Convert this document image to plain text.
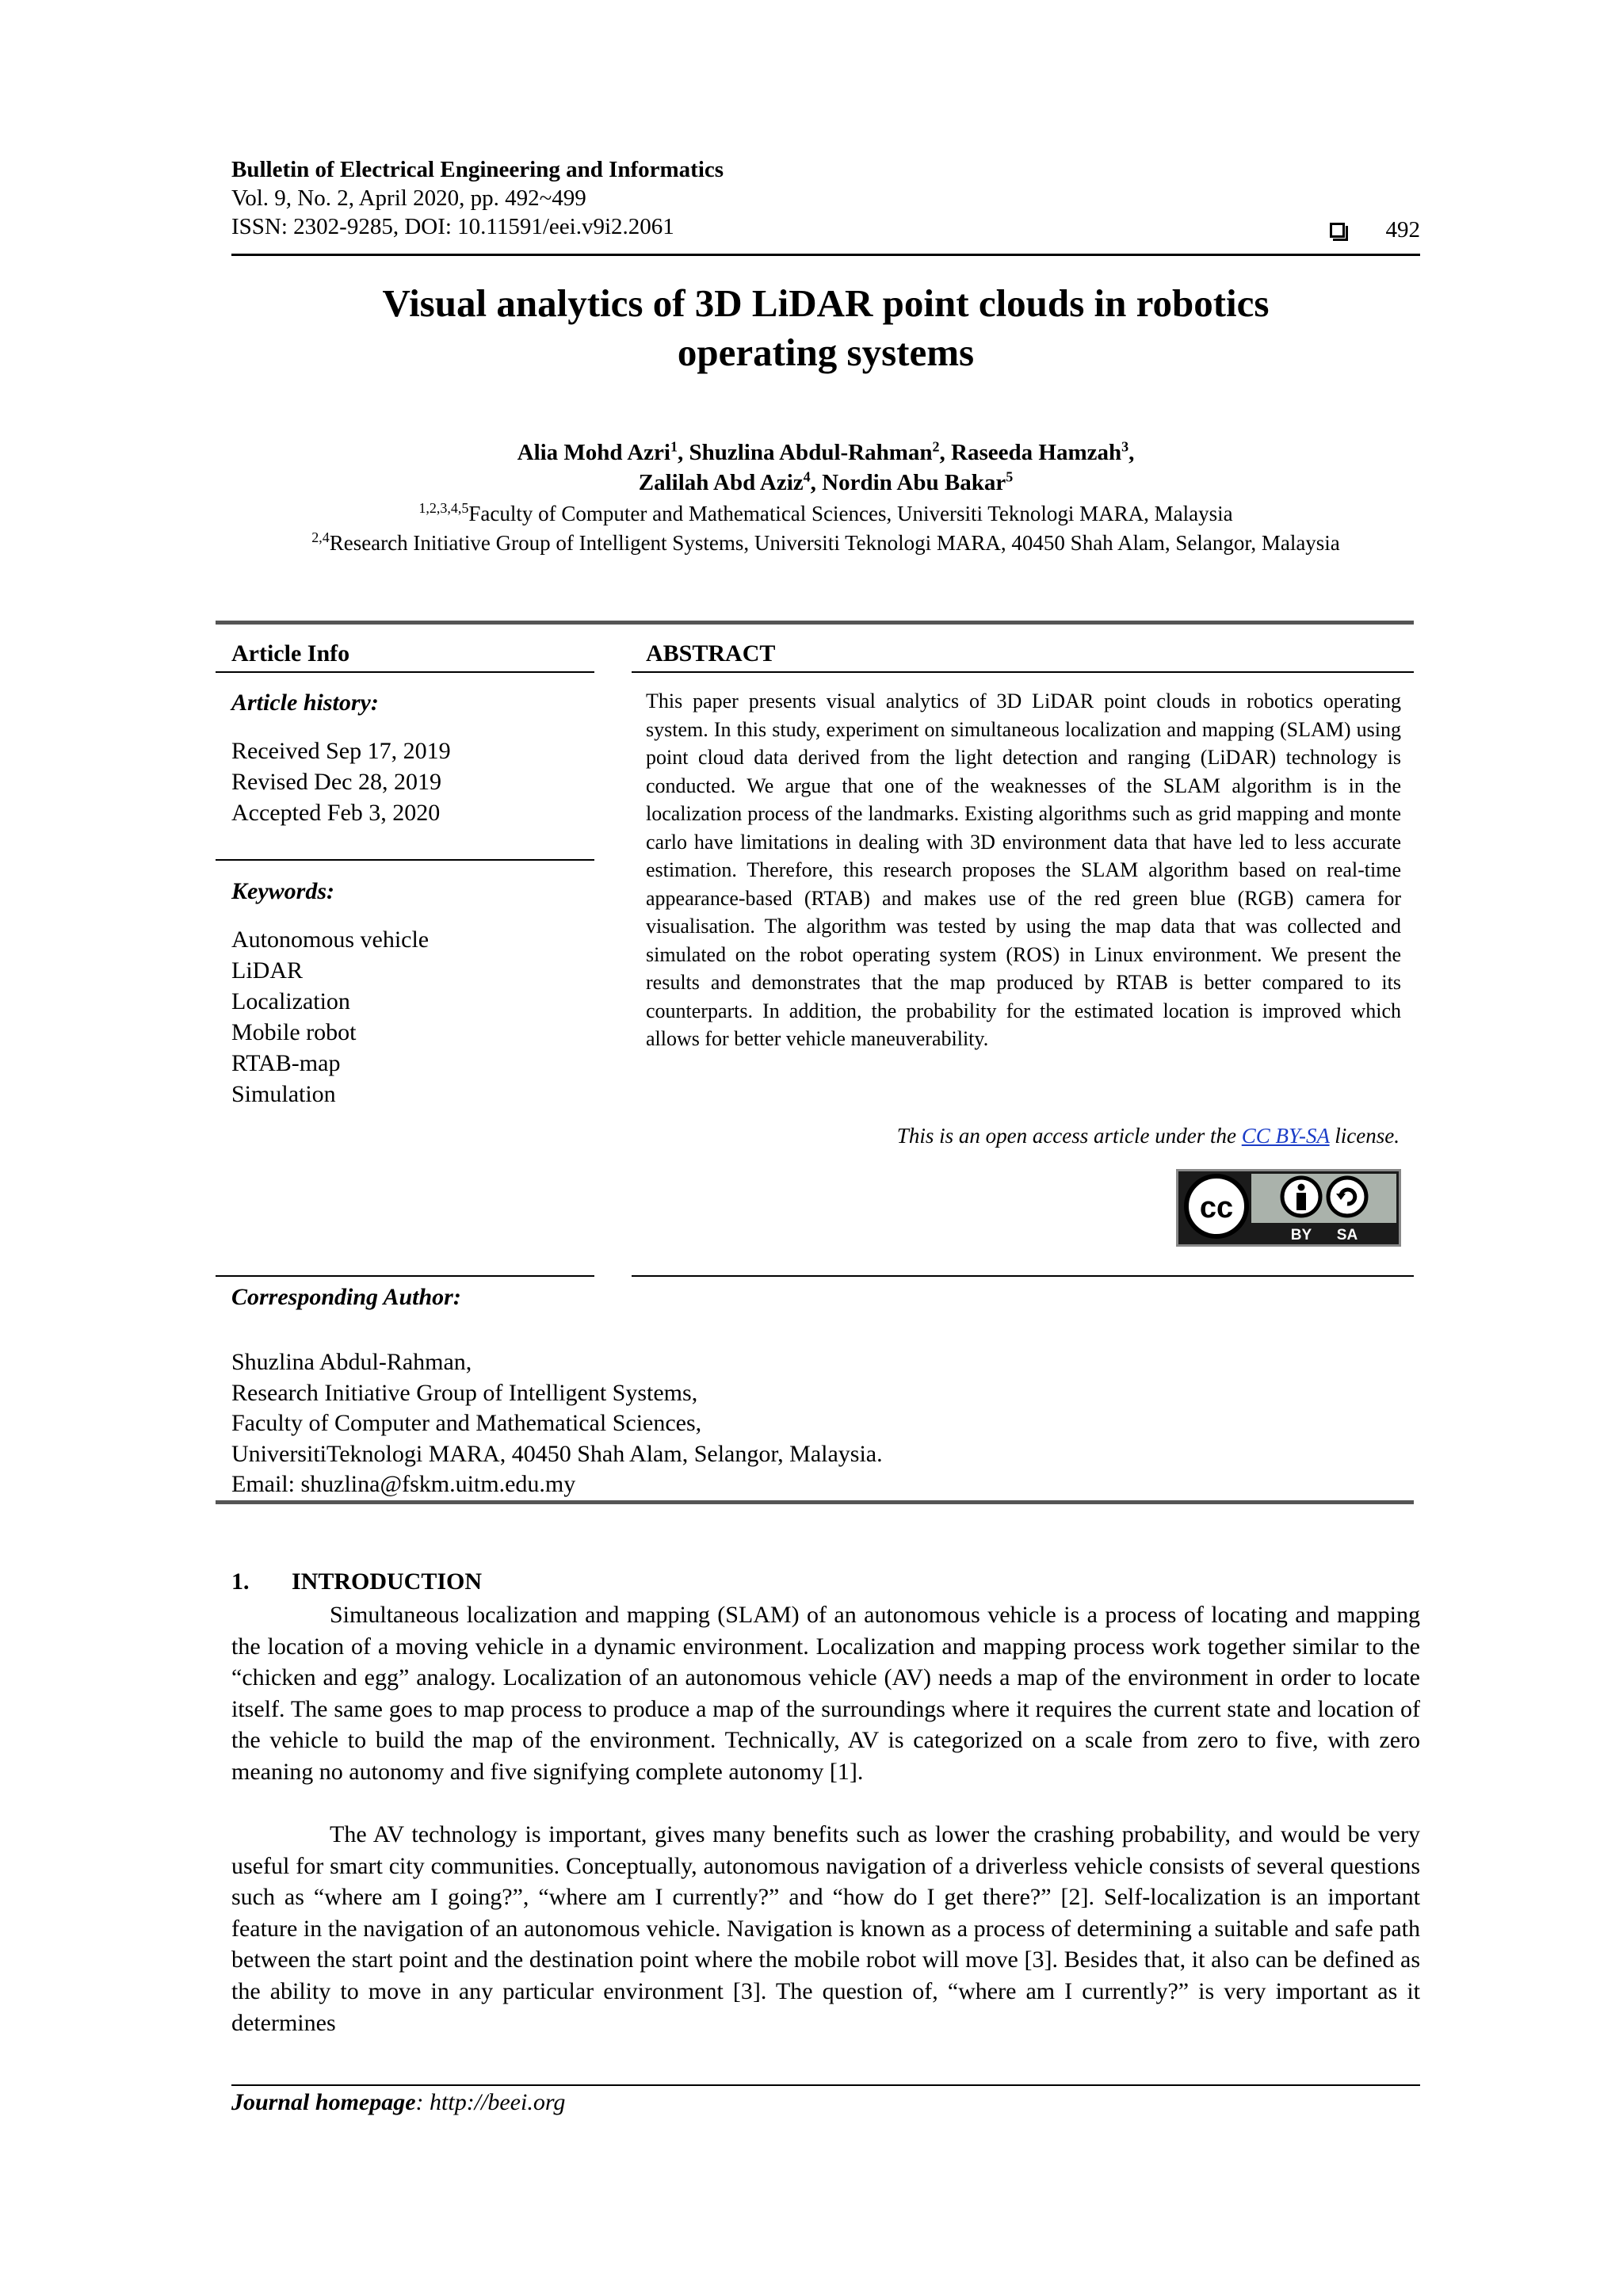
Bulletin of Electrical Engineering and Informatics
Vol. 9, No. 2, April 2020, pp. 492~499
ISSN: 2302-9285, DOI: 10.11591/eei.v9i2.2061	492
Visual analytics of 3D LiDAR point clouds in robotics
operating systems
Alia Mohd Azri$^1$, Shuzlina Abdul-Rahman$^2$, Raseeda Hamzah$^3$,
Zalilah Abd Aziz$^4$, Nordin Abu Bakar$^5$
$^{1,2,3,4,5}$Faculty of Computer and Mathematical Sciences, Universiti Teknologi MARA, Malaysia
$^{2,4}$Research Initiative Group of Intelligent Systems, Universiti Teknologi MARA, 40450 Shah Alam, Selangor, Malaysia
Article Info	ABSTRACT
Article history:
Received Sep 17, 2019
Revised Dec 28, 2019
Accepted Feb 3, 2020
Keywords:
Autonomous vehicle
LiDAR
Localization
Mobile robot
RTAB-map
Simulation
This paper presents visual analytics of 3D LiDAR point clouds in robotics operating system. In this study, experiment on simultaneous localization and mapping (SLAM) using point cloud data derived from the light detection and ranging (LiDAR) technology is conducted. We argue that one of the weaknesses of the SLAM algorithm is in the localization process of the landmarks. Existing algorithms such as grid mapping and monte carlo have limitations in dealing with 3D environment data that have led to less accurate estimation. Therefore, this research proposes the SLAM algorithm based on real-time appearance-based (RTAB) and makes use of the red green blue (RGB) camera for visualisation. The algorithm was tested by using the map data that was collected and simulated on the robot operating system (ROS) in Linux environment. We present the results and demonstrates that the map produced by RTAB is better compared to its counterparts. In addition, the probability for the estimated location is improved which allows for better vehicle maneuverability.
This is an open access article under the CC BY-SA license.
cc
BY SA
Corresponding Author:
Shuzlina Abdul-Rahman,
Research Initiative Group of Intelligent Systems,
Faculty of Computer and Mathematical Sciences,
UniversitiTeknologi MARA, 40450 Shah Alam, Selangor, Malaysia.
Email: shuzlina@fskm.uitm.edu.my
1. INTRODUCTION
Simultaneous localization and mapping (SLAM) of an autonomous vehicle is a process of locating and mapping the location of a moving vehicle in a dynamic environment. Localization and mapping process work together similar to the “chicken and egg” analogy. Localization of an autonomous vehicle (AV) needs a map of the environment in order to locate itself. The same goes to map process to produce a map of the surroundings where it requires the current state and location of the vehicle to build the map of the environment. Technically, AV is categorized on a scale from zero to five, with zero meaning no autonomy and five signifying complete autonomy [1].
The AV technology is important, gives many benefits such as lower the crashing probability, and would be very useful for smart city communities. Conceptually, autonomous navigation of a driverless vehicle consists of several questions such as “where am I going?”, “where am I currently?” and “how do I get there?” [2]. Self-localization is an important feature in the navigation of an autonomous vehicle. Navigation is known as a process of determining a suitable and safe path between the start point and the destination point where the mobile robot will move [3]. Besides that, it also can be defined as the ability to move in any particular environment [3]. The question of, “where am I currently?” is very important as it determines
Journal homepage: http://beei.org
